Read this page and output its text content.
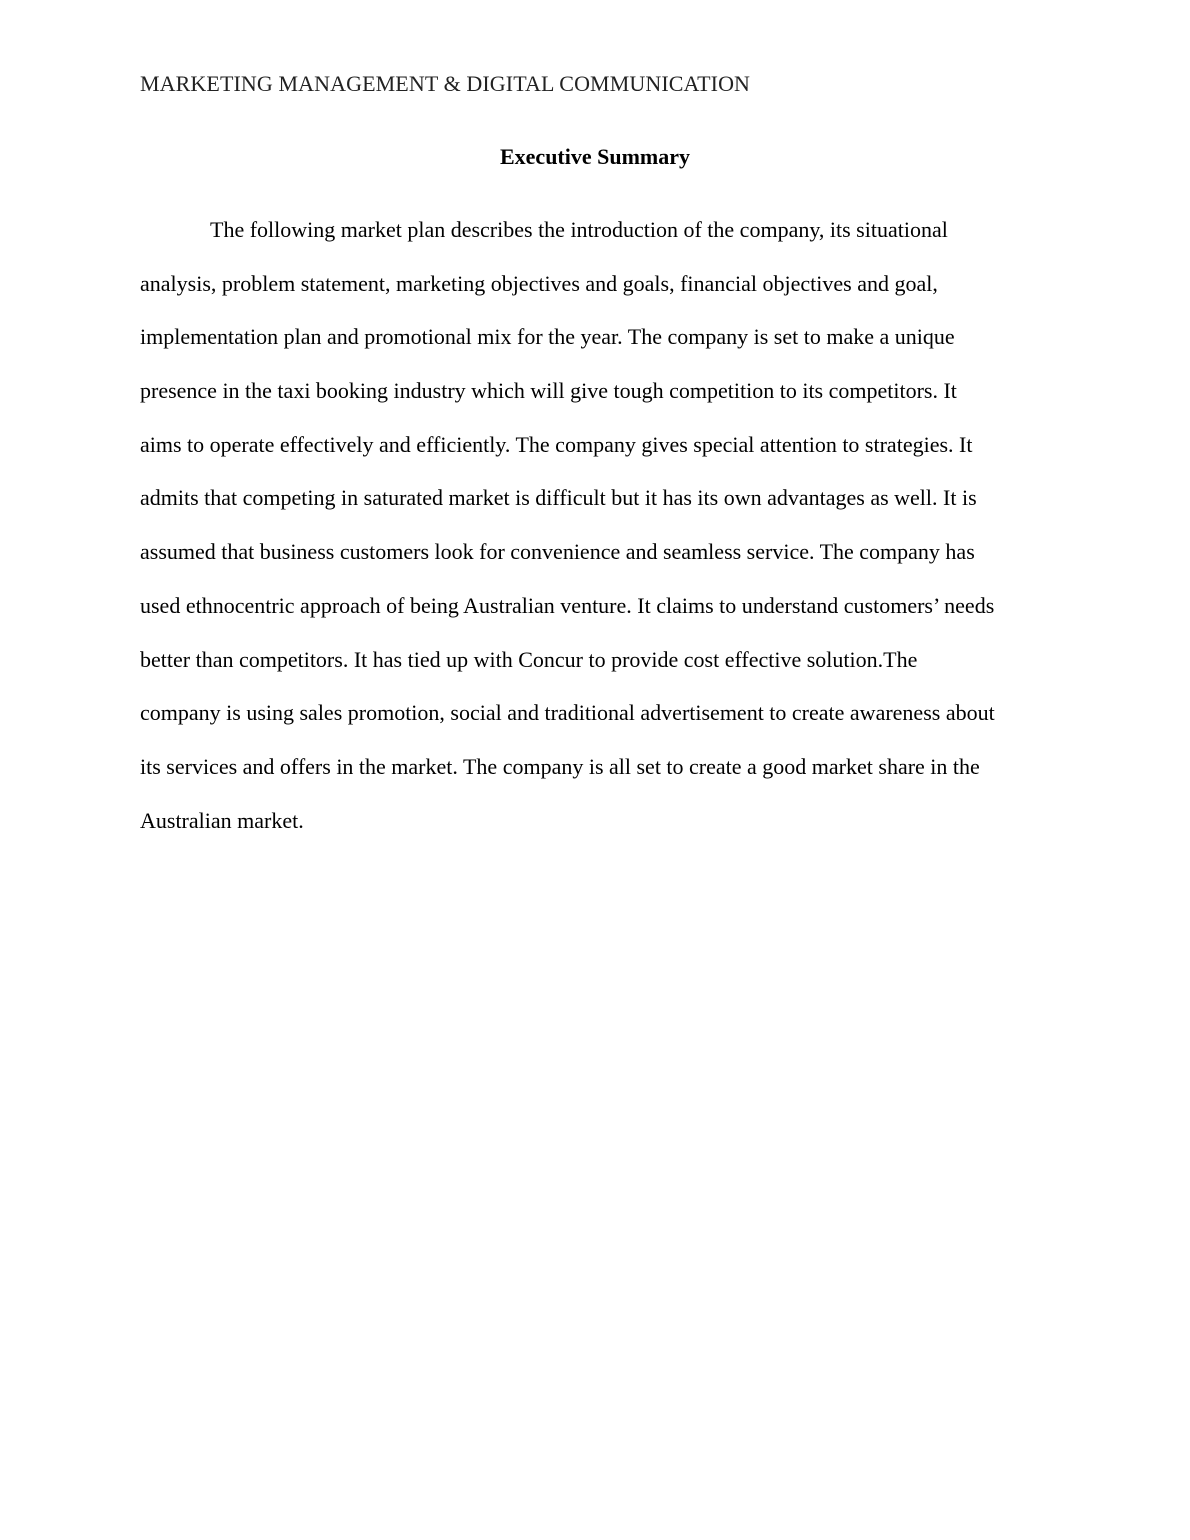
MARKETING MANAGEMENT & DIGITAL COMMUNICATION
Executive Summary
The following market plan describes the introduction of the company, its situational
analysis, problem statement, marketing objectives and goals, financial objectives and goal,
implementation plan and promotional mix for the year. The company is set to make a unique
presence in the taxi booking industry which will give tough competition to its competitors. It
aims to operate effectively and efficiently. The company gives special attention to strategies. It
admits that competing in saturated market is difficult but it has its own advantages as well. It is
assumed that business customers look for convenience and seamless service. The company has
used ethnocentric approach of being Australian venture. It claims to understand customers’ needs
better than competitors. It has tied up with Concur to provide cost effective solution.The
company is using sales promotion, social and traditional advertisement to create awareness about
its services and offers in the market. The company is all set to create a good market share in the
Australian market.
